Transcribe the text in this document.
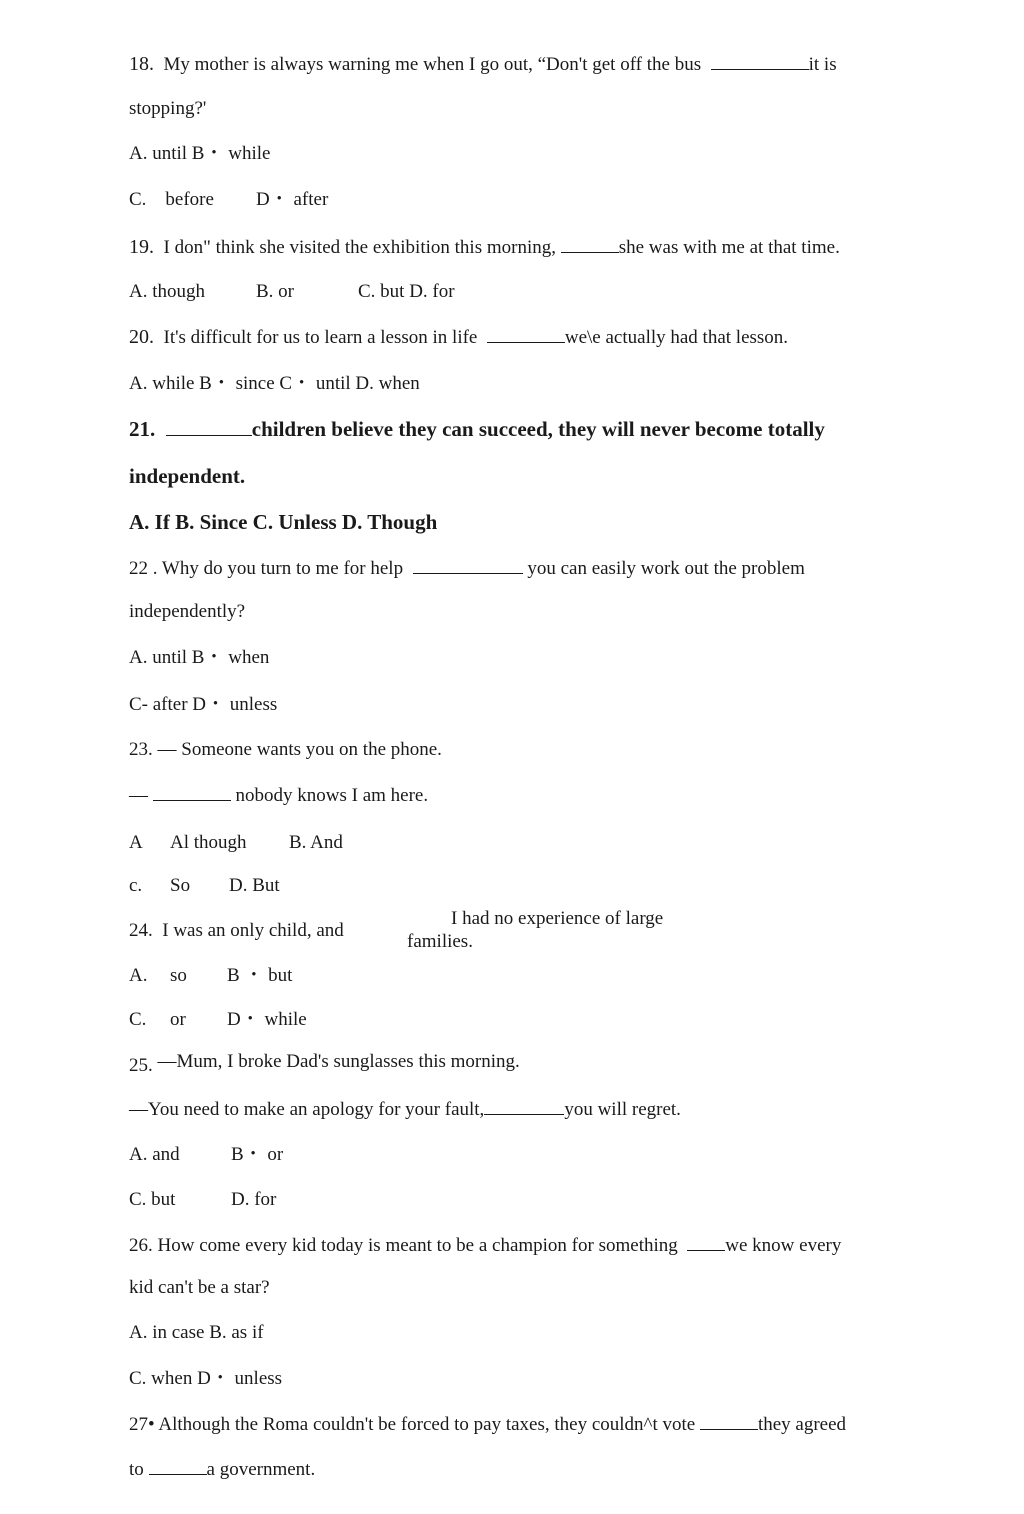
18. My mother is always warning me when I go out, “Don't get off the bus	it is
stopping?'
A. until B・ while
C.    before D・ after
19. I don" think she visited the exhibition this morning,	she was with me at that time.
A. though	B. or	C. but D. for
20. It's difficult for us to learn a lesson in life	we\e actually had that lesson.
A. while B・ since C・ until D. when
21.	children believe they can succeed, they will never become totally
independent.
A. If B. Since C. Unless D. Though
22 . Why do you turn to me for help	you can easily work out the problem
independently?
A. until B・ when
C- after D・ unless
23. — Someone wants you on the phone.
—	nobody knows I am here.
A Al though B. And
c. So D. But
24. I was an only child, and
I had no experience of large
families.
A. so B ・ but
C. or D・ while
25. —Mum, I broke Dad's sunglasses this morning.
—You need to make an apology for your fault,	you will regret.
A. and	B・ or
C. but	D. for
26. How come every kid today is meant to be a champion for something	we know every
kid can't be a star?
A. in case B. as if
C. when D・ unless
27• Although the Roma couldn't be forced to pay taxes, they couldn^t vote	they agreed
to	a government.
